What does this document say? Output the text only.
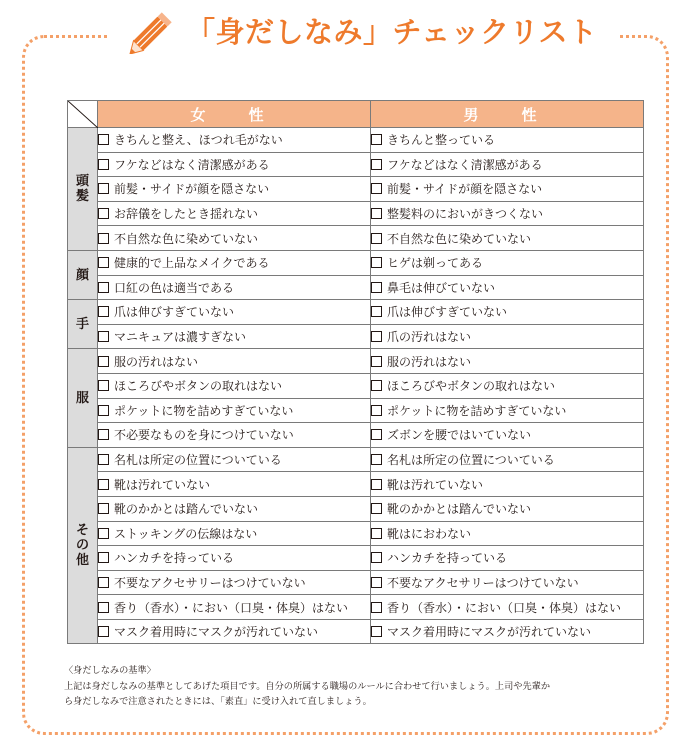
「身だしなみ」チェックリスト
	女　性	男　性
頭髪	きちんと整え、ほつれ毛がない	きちんと整っている
	フケなどはなく清潔感がある	フケなどはなく清潔感がある
	前髪・サイドが顔を隠さない	前髪・サイドが顔を隠さない
	お辞儀をしたとき揺れない	整髪料のにおいがきつくない
	不自然な色に染めていない	不自然な色に染めていない
顔	健康的で上品なメイクである	ヒゲは剃ってある
	口紅の色は適当である	鼻毛は伸びていない
手	爪は伸びすぎていない	爪は伸びすぎていない
	マニキュアは濃すぎない	爪の汚れはない
服	服の汚れはない	服の汚れはない
	ほころびやボタンの取れはない	ほころびやボタンの取れはない
	ポケットに物を詰めすぎていない	ポケットに物を詰めすぎていない
	不必要なものを身につけていない	ズボンを腰ではいていない
その他	名札は所定の位置についている	名札は所定の位置についている
	靴は汚れていない	靴は汚れていない
	靴のかかとは踏んでいない	靴のかかとは踏んでいない
	ストッキングの伝線はない	靴はにおわない
	ハンカチを持っている	ハンカチを持っている
	不要なアクセサリーはつけていない	不要なアクセサリーはつけていない
	香り（香水）・におい（口臭・体臭）はない	香り（香水）・におい（口臭・体臭）はない
	マスク着用時にマスクが汚れていない	マスク着用時にマスクが汚れていない
〈身だしなみの基準〉
上記は身だしなみの基準としてあげた項目です。自分の所属する職場のルールに合わせて行いましょう。上司や先輩か
ら身だしなみで注意されたときには、「素直」に受け入れて直しましょう。
